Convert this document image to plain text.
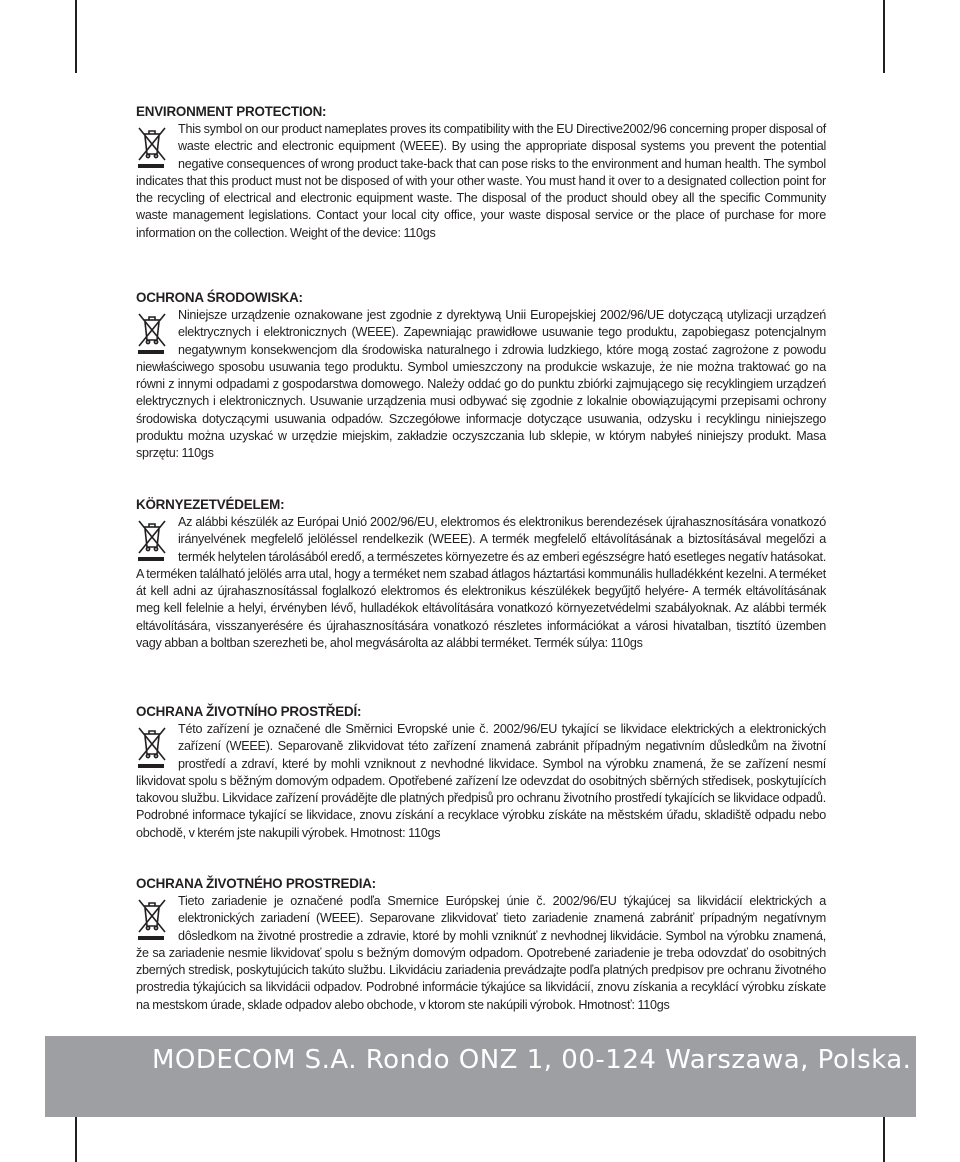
ENVIRONMENT PROTECTION:

This symbol on our product nameplates proves its compatibility with the EU Directive2002/96 concerning proper disposal of waste electric and electronic equipment (WEEE). By using the appropriate disposal systems you prevent the potential negative consequences of wrong product take-back that can pose risks to the environment and human health. The symbol indicates that this product must not be disposed of with your other waste. You must hand it over to a designated collection point for the recycling of electrical and electronic equipment waste. The disposal of the product should obey all the specific Community waste management legislations. Contact your local city office, your waste disposal service or the place of purchase for more information on the collection. Weight of the device: 110gs

OCHRONA ŚRODOWISKA:

Niniejsze urządzenie oznakowane jest zgodnie z dyrektywą Unii Europejskiej 2002/96/UE dotyczącą utylizacji urządzeń elektrycznych i elektronicznych (WEEE). Zapewniając prawidłowe usuwanie tego produktu, zapobiegasz potencjalnym negatywnym konsekwencjom dla środowiska naturalnego i zdrowia ludzkiego, które mogą zostać zagrożone z powodu niewłaściwego sposobu usuwania tego produktu. Symbol umieszczony na produkcie wskazuje, że nie można traktować go na równi z innymi odpadami z gospodarstwa domowego. Należy oddać go do punktu zbiórki zajmującego się recyklingiem urządzeń elektrycznych i elektronicznych. Usuwanie urządzenia musi odbywać się zgodnie z lokalnie obowiązującymi przepisami ochrony środowiska dotyczącymi usuwania odpadów. Szczegółowe informacje dotyczące usuwania, odzysku i recyklingu niniejszego produktu można uzyskać w urzędzie miejskim, zakładzie oczyszczania lub sklepie, w którym nabyłeś niniejszy produkt. Masa sprzętu: 110gs

KÖRNYEZETVÉDELEM:

Az alábbi készülék az Európai Unió 2002/96/EU, elektromos és elektronikus berendezések újrahasznosítására vonatkozó irányelvének megfelelő jelöléssel rendelkezik (WEEE). A termék megfelelő eltávolításának a biztosításával megelőzi a termék helytelen tárolásából eredő, a természetes környezetre és az emberi egészségre ható esetleges negatív hatásokat. A terméken található jelölés arra utal, hogy a terméket nem szabad átlagos háztartási kommunális hulladékként kezelni. A terméket át kell adni az újrahasznosítással foglalkozó elektromos és elektronikus készülékek begyűjtő helyére- A termék eltávolításának meg kell felelnie a helyi, érvényben lévő, hulladékok eltávolítására vonatkozó környezetvédelmi szabályoknak. Az alábbi termék eltávolítására, visszanyerésére és újrahasznosítására vonatkozó részletes információkat a városi hivatalban, tisztító üzemben vagy abban a boltban szerezheti be, ahol megvásárolta az alábbi terméket. Termék súlya: 110gs

OCHRANA ŽIVOTNÍHO PROSTŘEDÍ:

Této zařízení je označené dle Směrnici Evropské unie č. 2002/96/EU tykající se likvidace elektrických a elektronických zařízení (WEEE). Separovaně zlikvidovat této zařízení znamená zabránit případným negativním důsledkům na životní prostředí a zdraví, které by mohli vzniknout z nevhodné likvidace. Symbol na výrobku znamená, že se zařízení nesmí likvidovat spolu s běžným domovým odpadem. Opotřebené zařízení lze odevzdat do osobitných sběrných středisek, poskytujících takovou službu. Likvidace zařízení provádějte dle platných předpisů pro ochranu životního prostředí tykajících se likvidace odpadů. Podrobné informace tykající se likvidace, znovu získání a recyklace výrobku získáte na městském úřadu, skladiště odpadu nebo obchodě, v kterém jste nakupili výrobek. Hmotnost: 110gs

OCHRANA ŽIVOTNÉHO PROSTREDIA:

Tieto zariadenie je označené podľa Smernice Európskej únie č. 2002/96/EU týkajúcej sa likvidácií elektrických a elektronických zariadení (WEEE). Separovane zlikvidovať tieto zariadenie znamená zabrániť prípadným negatívnym dôsledkom na životné prostredie a zdravie, ktoré by mohli vzniknúť z nevhodnej likvidácie. Symbol na výrobku znamená, že sa zariadenie nesmie likvidovať spolu s bežným domovým odpadom. Opotrebené zariadenie je treba odovzdať do osobitných zberných stredisk, poskytujúcich takúto službu. Likvidáciu zariadenia prevádzajte podľa platných predpisov pre ochranu životného prostredia týkajúcich sa likvidácii odpadov. Podrobné informácie týkajúce sa likvidácií, znovu získania a recyklácí výrobku získate na mestskom úrade, sklade odpadov alebo obchode, v ktorom ste nakúpili výrobok. Hmotnosť: 110gs

MODECOM S.A. Rondo ONZ 1, 00-124 Warszawa, Polska.
